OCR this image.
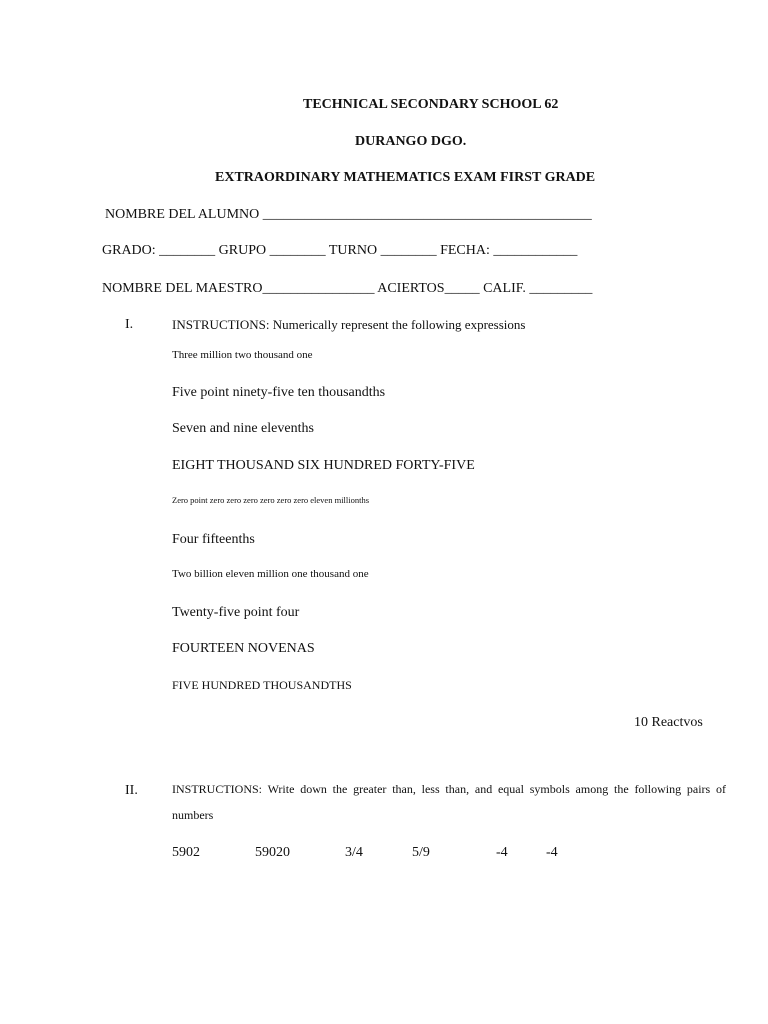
TECHNICAL SECONDARY SCHOOL 62
DURANGO DGO.
EXTRAORDINARY MATHEMATICS EXAM FIRST GRADE
NOMBRE DEL ALUMNO _______________________________________________
GRADO: ________ GRUPO ________ TURNO ________ FECHA: ____________
NOMBRE DEL MAESTRO________________ ACIERTOS_____ CALIF. _________
I.	INSTRUCTIONS: Numerically represent the following expressions
Three million two thousand one
Five point ninety-five ten thousandths
Seven and nine elevenths
EIGHT THOUSAND SIX HUNDRED FORTY-FIVE
Zero point zero zero zero zero zero zero eleven millionths
Four fifteenths
Two billion eleven million one thousand one
Twenty-five point four
FOURTEEN NOVENAS
FIVE HUNDRED THOUSANDTHS
10 Reactvos
II.	INSTRUCTIONS: Write down the greater than, less than, and equal symbols among the following pairs of
numbers
5902	59020	3/4	5/9	-4	-4
